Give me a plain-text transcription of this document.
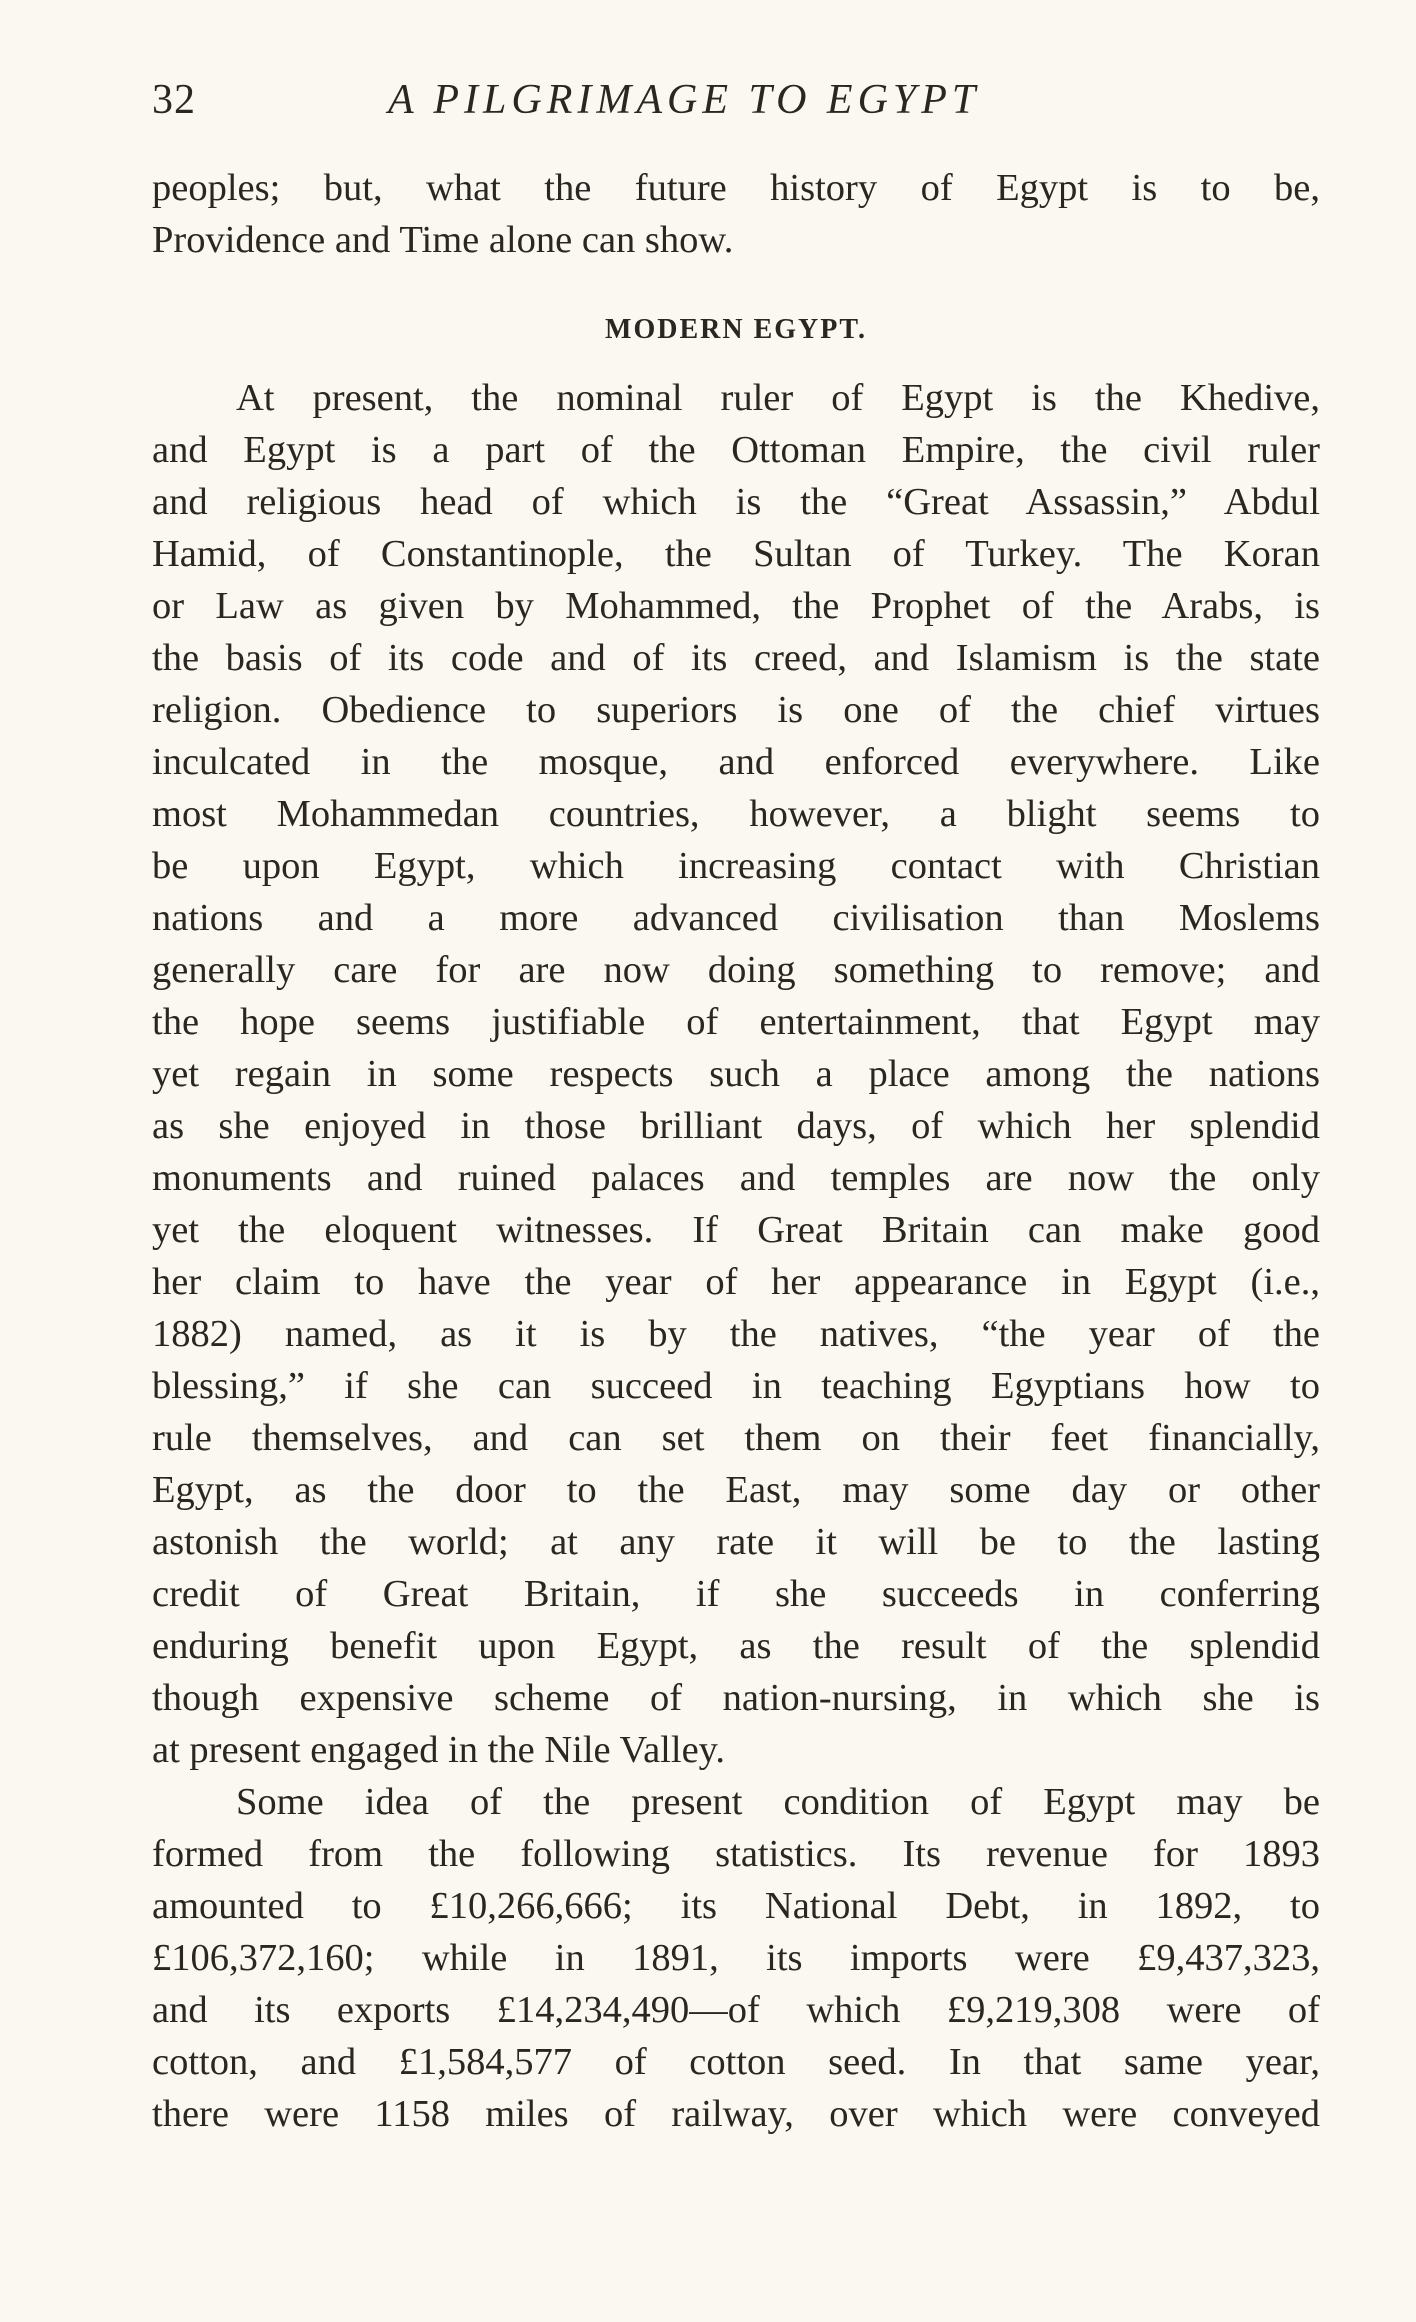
32	A PILGRIMAGE TO EGYPT

peoples; but, what the future history of Egypt is to be,
Providence and Time alone can show.

MODERN EGYPT.

At present, the nominal ruler of Egypt is the Khedive,
and Egypt is a part of the Ottoman Empire, the civil ruler
and religious head of which is the “Great Assassin,” Abdul
Hamid, of Constantinople, the Sultan of Turkey. The Koran
or Law as given by Mohammed, the Prophet of the Arabs, is
the basis of its code and of its creed, and Islamism is the state
religion. Obedience to superiors is one of the chief virtues
inculcated in the mosque, and enforced everywhere. Like
most Mohammedan countries, however, a blight seems to
be upon Egypt, which increasing contact with Christian
nations and a more advanced civilisation than Moslems
generally care for are now doing something to remove; and
the hope seems justifiable of entertainment, that Egypt may
yet regain in some respects such a place among the nations
as she enjoyed in those brilliant days, of which her splendid
monuments and ruined palaces and temples are now the only
yet the eloquent witnesses. If Great Britain can make good
her claim to have the year of her appearance in Egypt (i.e.,
1882) named, as it is by the natives, “the year of the
blessing,” if she can succeed in teaching Egyptians how to
rule themselves, and can set them on their feet financially,
Egypt, as the door to the East, may some day or other
astonish the world; at any rate it will be to the lasting
credit of Great Britain, if she succeeds in conferring
enduring benefit upon Egypt, as the result of the splendid
though expensive scheme of nation-nursing, in which she is
at present engaged in the Nile Valley.

Some idea of the present condition of Egypt may be
formed from the following statistics. Its revenue for 1893
amounted to £10,266,666; its National Debt, in 1892, to
£106,372,160; while in 1891, its imports were £9,437,323,
and its exports £14,234,490—of which £9,219,308 were of
cotton, and £1,584,577 of cotton seed. In that same year,
there were 1158 miles of railway, over which were conveyed
